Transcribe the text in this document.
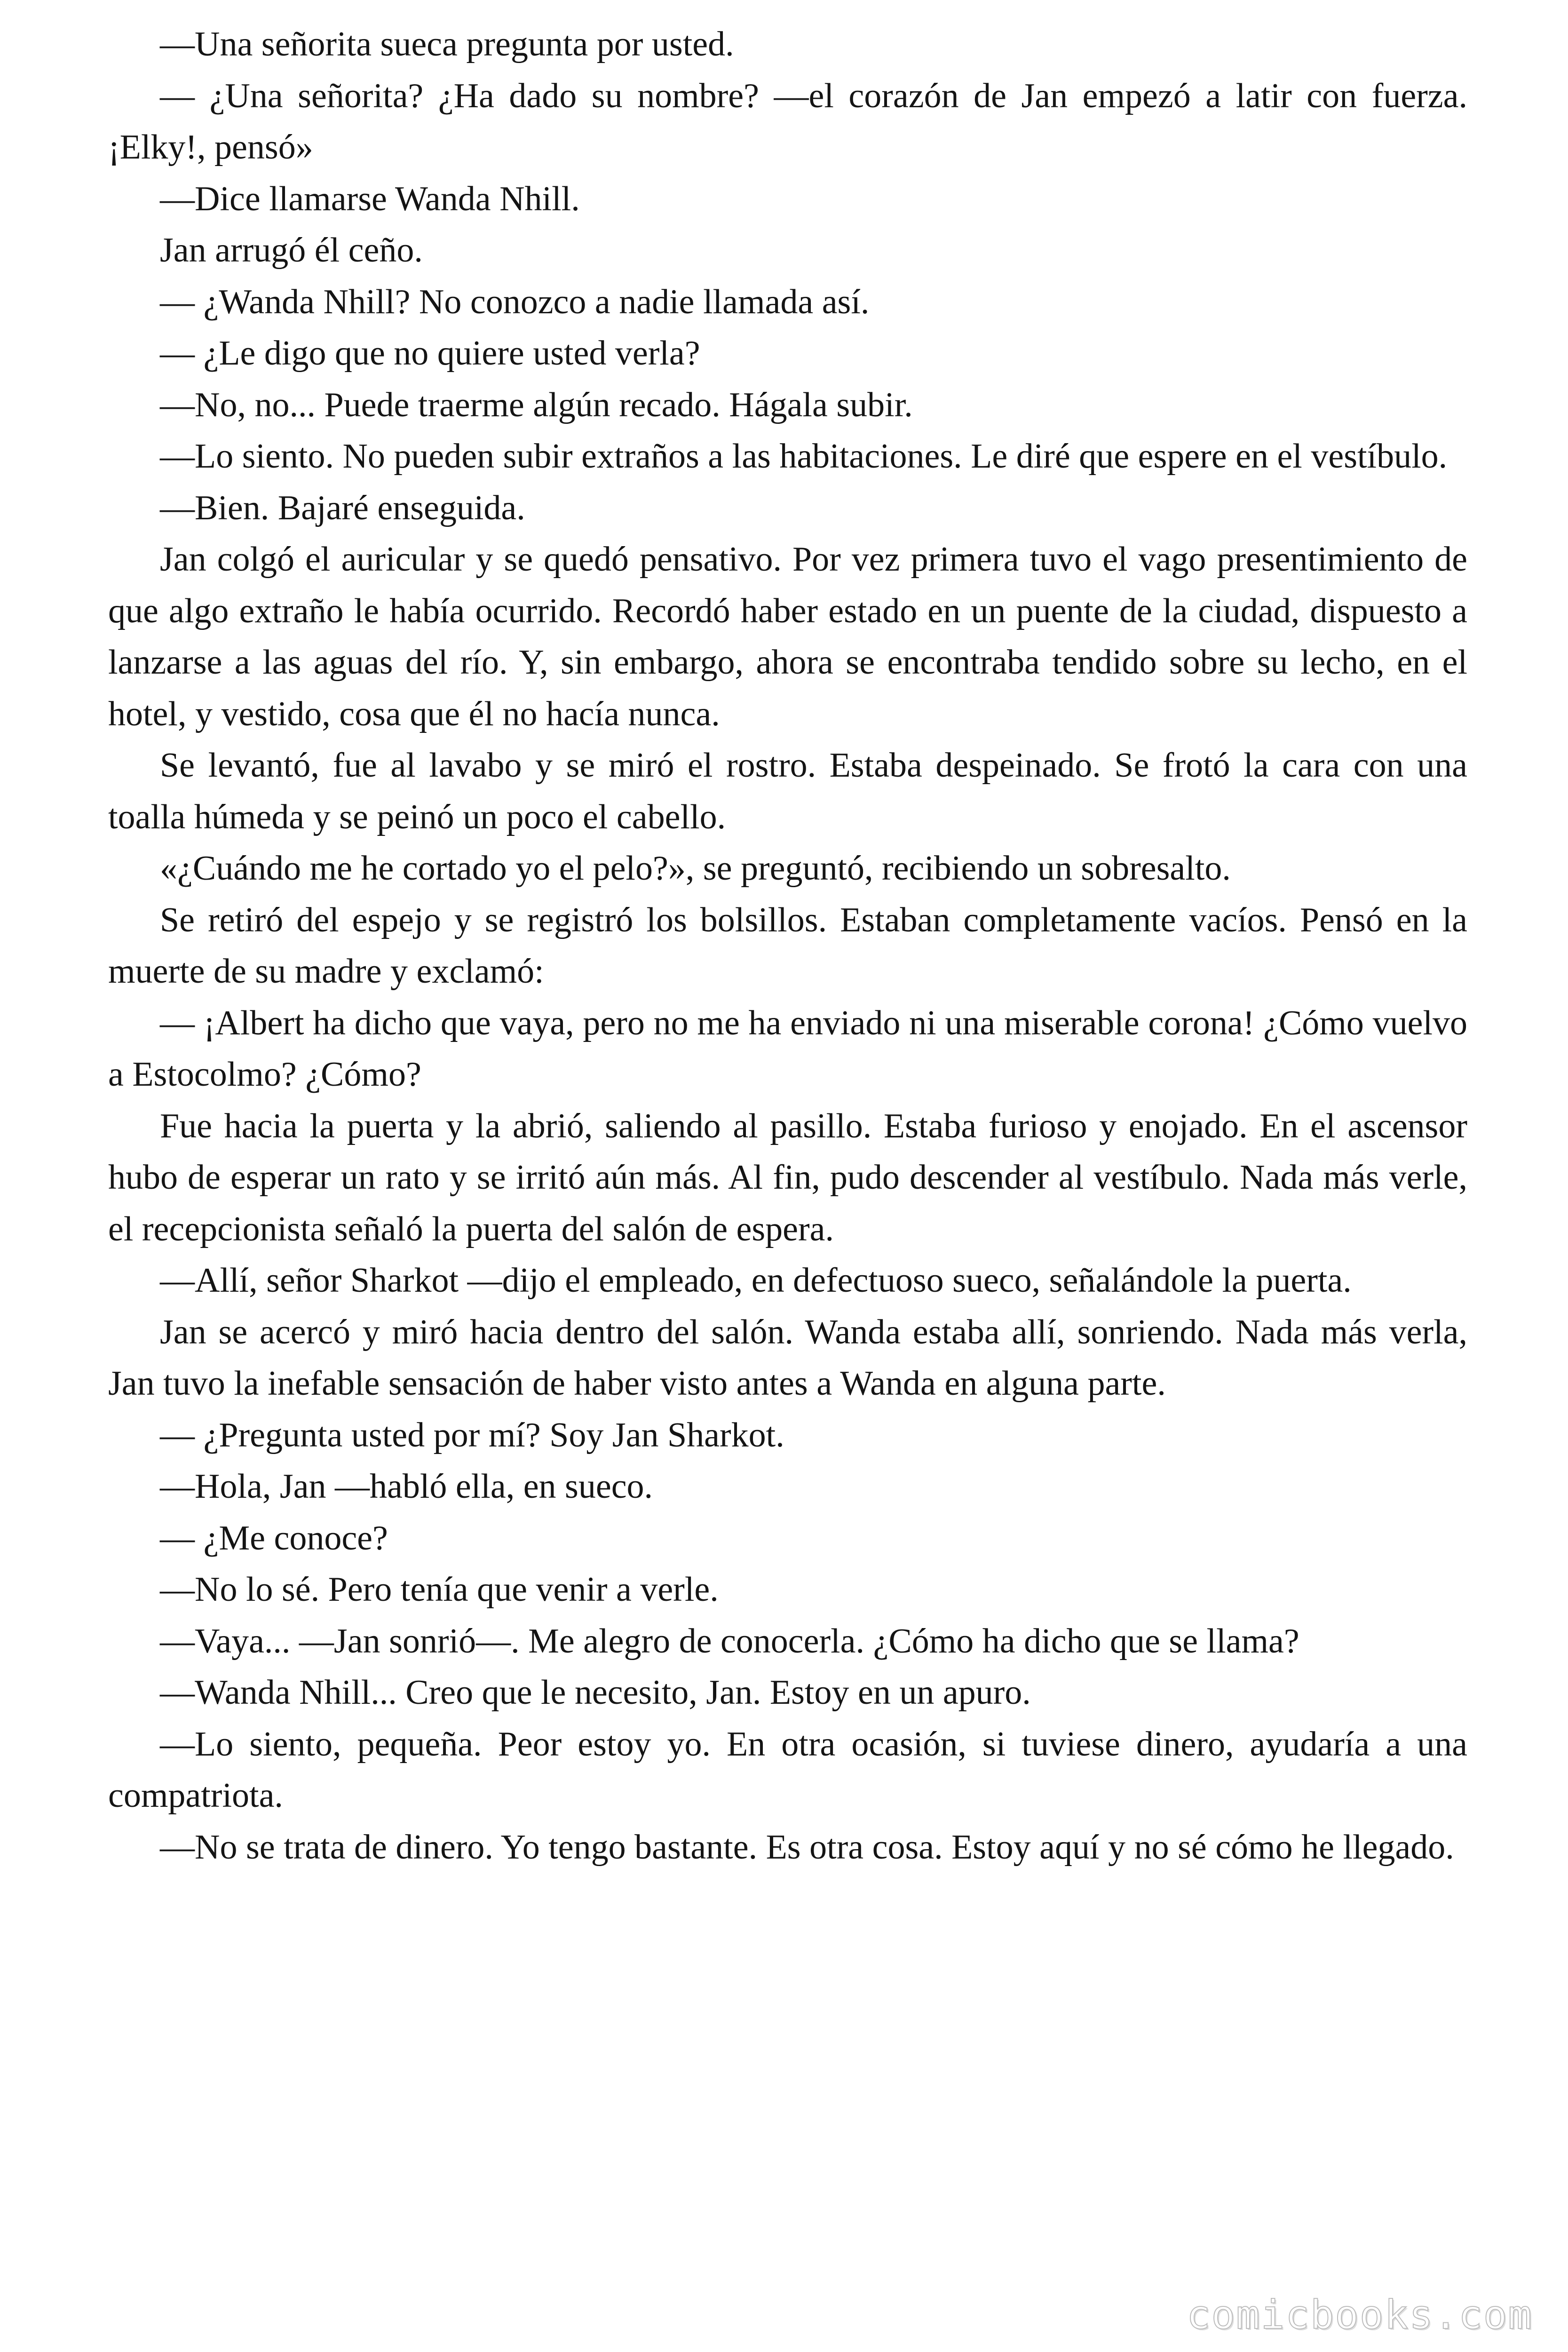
—Una señorita sueca pregunta por usted.

— ¿Una señorita? ¿Ha dado su nombre? —el corazón de Jan empezó a latir con fuerza. ¡Elky!, pensó»

—Dice llamarse Wanda Nhill.

Jan arrugó él ceño.

— ¿Wanda Nhill? No conozco a nadie llamada así.

— ¿Le digo que no quiere usted verla?

—No, no... Puede traerme algún recado. Hágala subir.

—Lo siento. No pueden subir extraños a las habitaciones. Le diré que espere en el vestíbulo.

—Bien. Bajaré enseguida.

Jan colgó el auricular y se quedó pensativo. Por vez primera tuvo el vago presentimiento de que algo extraño le había ocurrido. Recordó haber estado en un puente de la ciudad, dispuesto a lanzarse a las aguas del río. Y, sin embargo, ahora se encontraba tendido sobre su lecho, en el hotel, y vestido, cosa que él no hacía nunca.

Se levantó, fue al lavabo y se miró el rostro. Estaba despeinado. Se frotó la cara con una toalla húmeda y se peinó un poco el cabello.

«¿Cuándo me he cortado yo el pelo?», se preguntó, recibiendo un sobresalto.

Se retiró del espejo y se registró los bolsillos. Estaban completamente vacíos. Pensó en la muerte de su madre y exclamó:

— ¡Albert ha dicho que vaya, pero no me ha enviado ni una miserable corona! ¿Cómo vuelvo a Estocolmo? ¿Cómo?

Fue hacia la puerta y la abrió, saliendo al pasillo. Estaba furioso y enojado. En el ascensor hubo de esperar un rato y se irritó aún más. Al fin, pudo descender al vestíbulo. Nada más verle, el recepcionista señaló la puerta del salón de espera.

—Allí, señor Sharkot —dijo el empleado, en defectuoso sueco, señalándole la puerta.

Jan se acercó y miró hacia dentro del salón. Wanda estaba allí, sonriendo. Nada más verla, Jan tuvo la inefable sensación de haber visto antes a Wanda en alguna parte.

— ¿Pregunta usted por mí? Soy Jan Sharkot.

—Hola, Jan —habló ella, en sueco.

— ¿Me conoce?

—No lo sé. Pero tenía que venir a verle.

—Vaya... —Jan sonrió—. Me alegro de conocerla. ¿Cómo ha dicho que se llama?

—Wanda Nhill... Creo que le necesito, Jan. Estoy en un apuro.

—Lo siento, pequeña. Peor estoy yo. En otra ocasión, si tuviese dinero, ayudaría a una compatriota.

—No se trata de dinero. Yo tengo bastante. Es otra cosa. Estoy aquí y no sé cómo he llegado.

comicbooks.com
